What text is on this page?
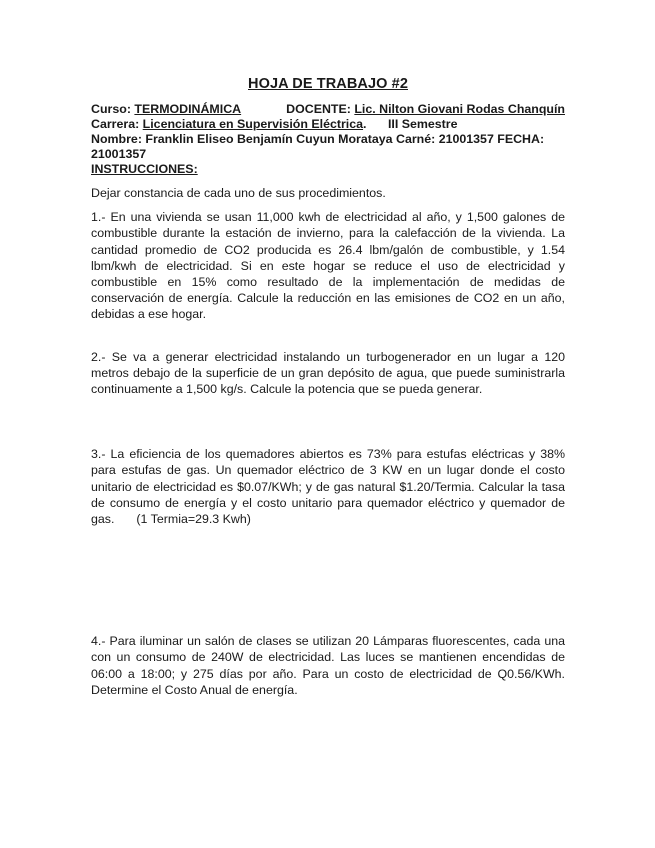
HOJA DE TRABAJO #2
Curso: TERMODINÁMICA	DOCENTE: Lic. Nilton Giovani Rodas Chanquín
Carrera: Licenciatura en Supervisión Eléctrica. III Semestre
Nombre: Franklin Eliseo Benjamín Cuyun Morataya Carné: 21001357 FECHA: 21001357
INSTRUCCIONES:

Dejar constancia de cada uno de sus procedimientos.

1.- En una vivienda se usan 11,000 kwh de electricidad al año, y 1,500 galones de combustible durante la estación de invierno, para la calefacción de la vivienda. La cantidad promedio de CO2 producida es 26.4 lbm/galón de combustible, y 1.54 lbm/kwh de electricidad. Si en este hogar se reduce el uso de electricidad y combustible en 15% como resultado de la implementación de medidas de conservación de energía. Calcule la reducción en las emisiones de CO2 en un año, debidas a ese hogar.

2.- Se va a generar electricidad instalando un turbogenerador en un lugar a 120 metros debajo de la superficie de un gran depósito de agua, que puede suministrarla continuamente a 1,500 kg/s. Calcule la potencia que se pueda generar.

3.- La eficiencia de los quemadores abiertos es 73% para estufas eléctricas y 38% para estufas de gas. Un quemador eléctrico de 3 KW en un lugar donde el costo unitario de electricidad es $0.07/KWh; y de gas natural $1.20/Termia. Calcular la tasa de consumo de energía y el costo unitario para quemador eléctrico y quemador de gas. (1 Termia=29.3 Kwh)

4.- Para iluminar un salón de clases se utilizan 20 Lámparas fluorescentes, cada una con un consumo de 240W de electricidad. Las luces se mantienen encendidas de 06:00 a 18:00; y 275 días por año. Para un costo de electricidad de Q0.56/KWh. Determine el Costo Anual de energía.
